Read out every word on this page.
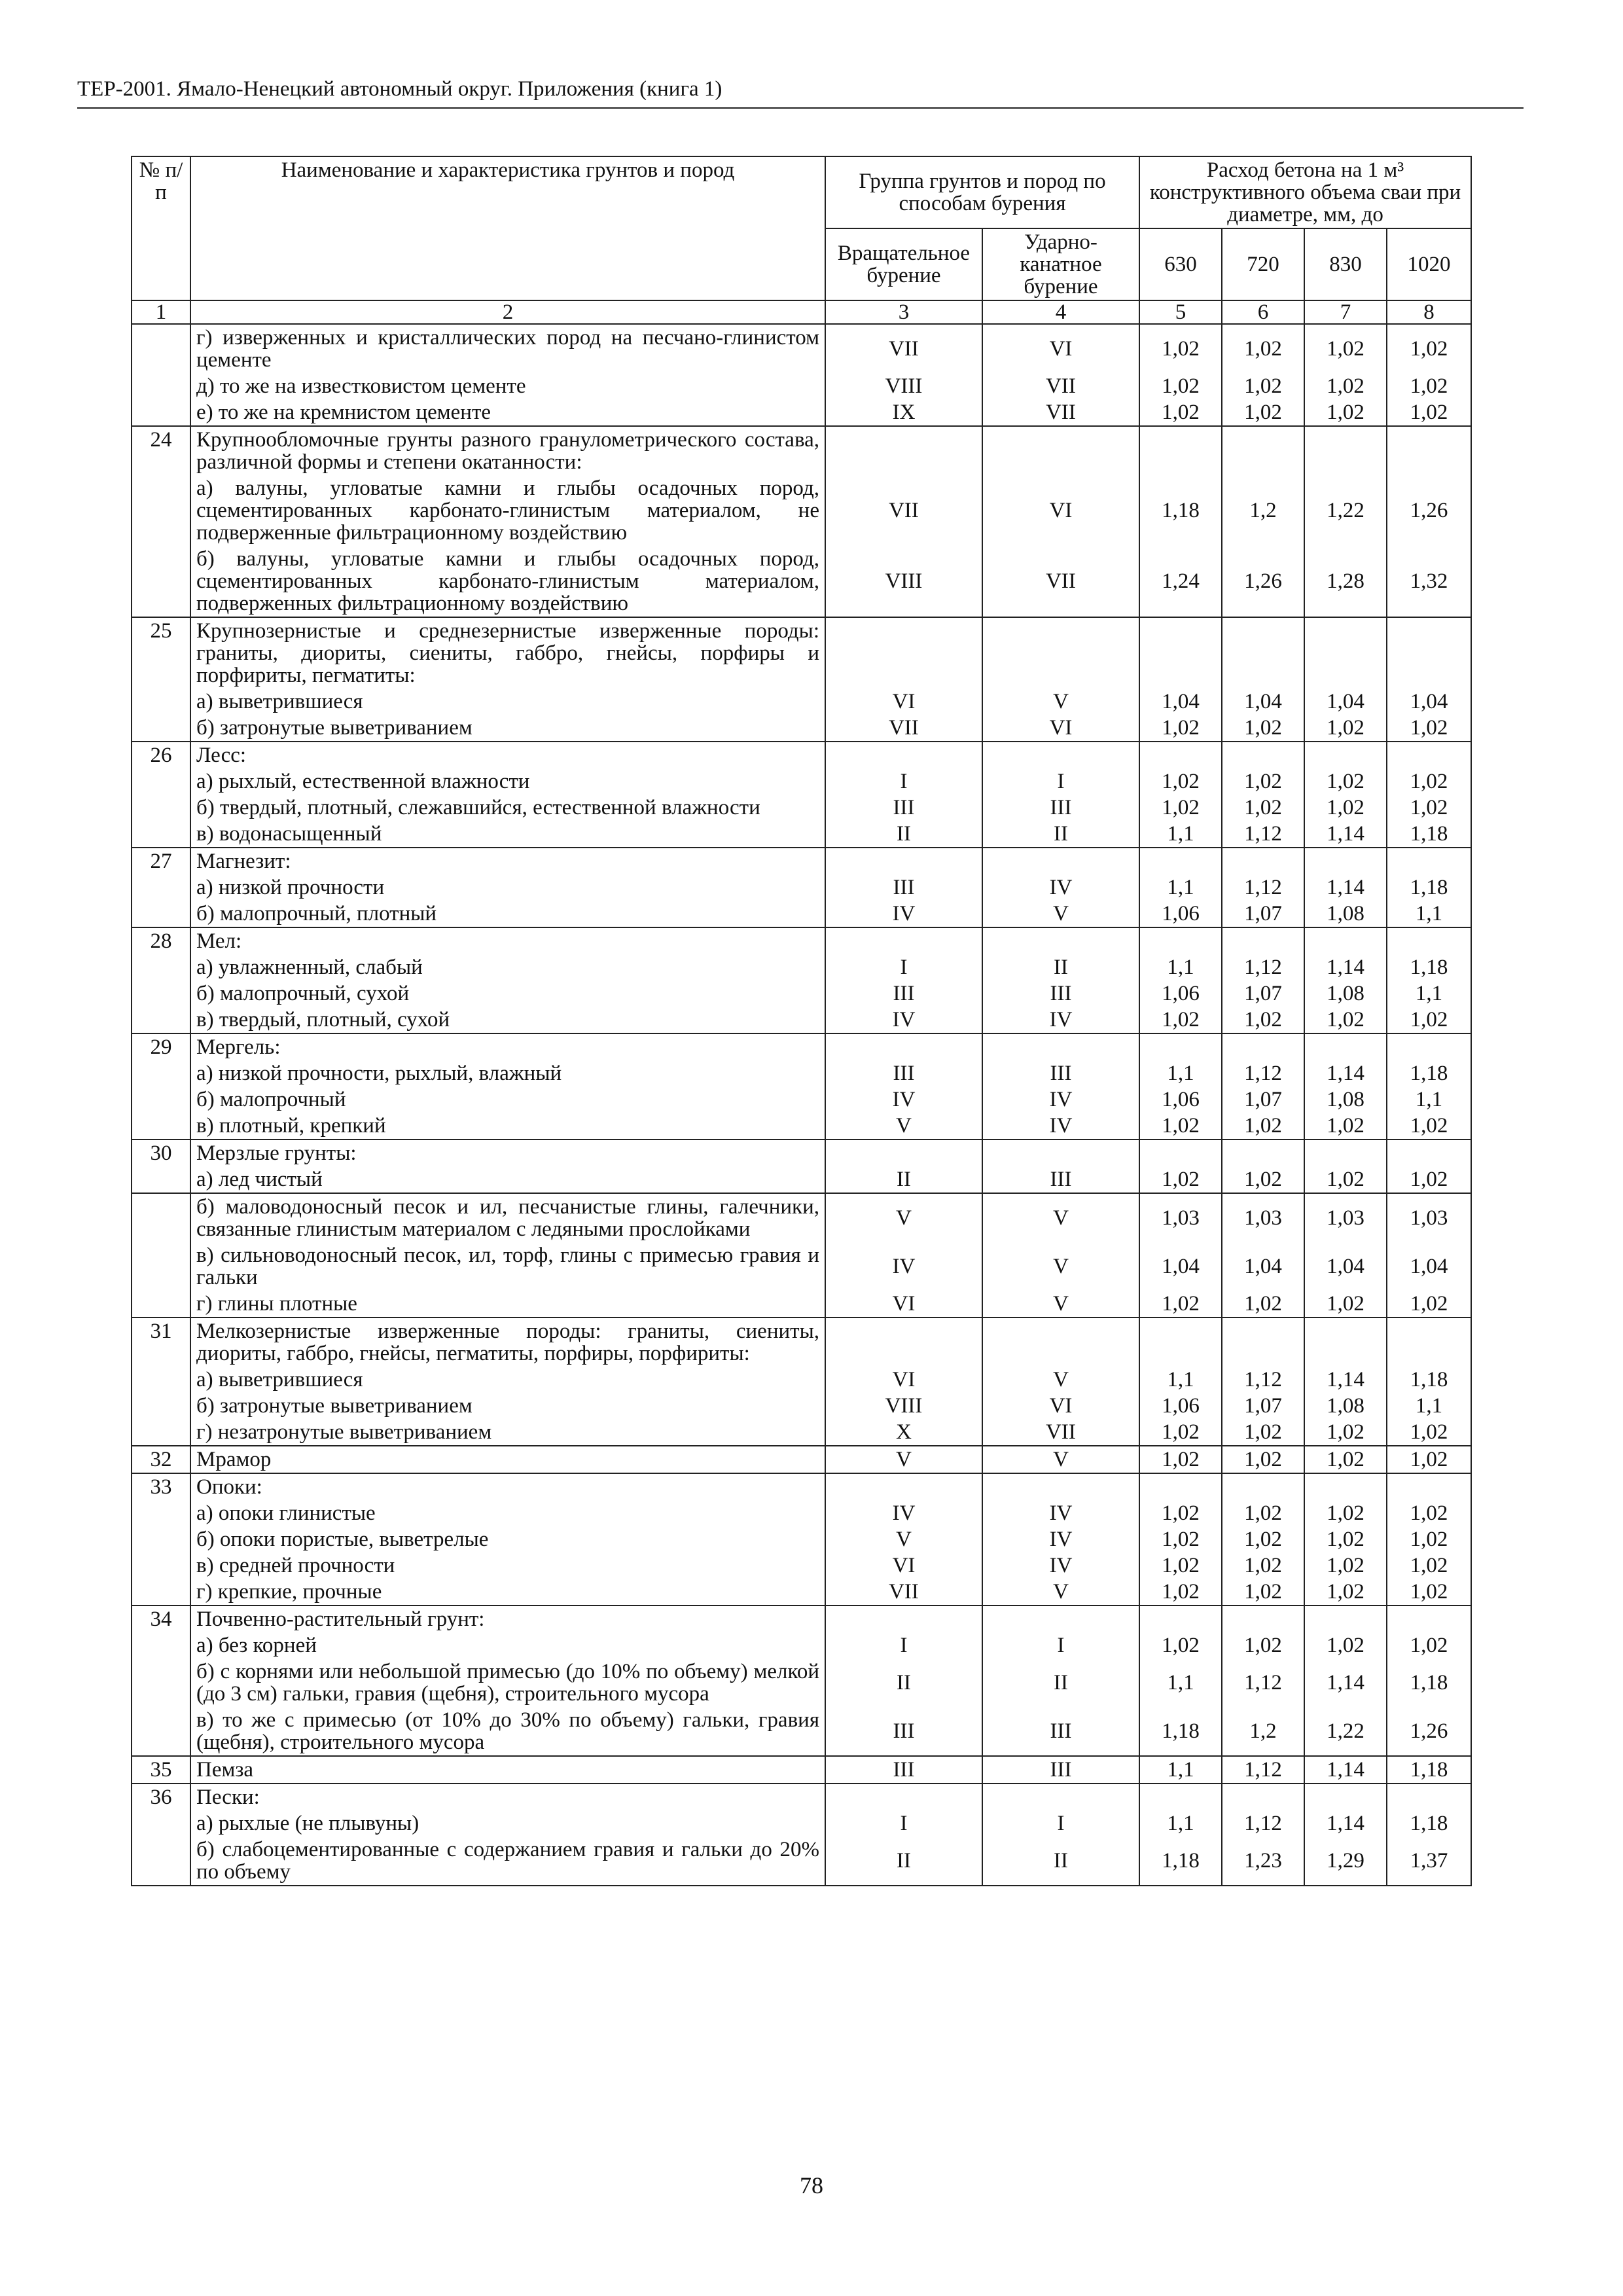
ТЕР-2001. Ямало-Ненецкий автономный округ. Приложения (книга 1)
№ п/п	Наименование и характеристика грунтов и пород	Группа грунтов и пород по способам бурения		Расход бетона на 1 м³ конструктивного объема сваи при диаметре, мм, до			
		Вращательное бурение	Ударно-канатное бурение	630	720	830	1020
1	2	3	4	5	6	7	8
	г) изверженных и кристаллических пород на песчано-глинистом цементе	VII	VI	1,02	1,02	1,02	1,02
	д) то же на известковистом цементе	VIII	VII	1,02	1,02	1,02	1,02
	е) то же на кремнистом цементе	IX	VII	1,02	1,02	1,02	1,02
24	Крупнообломочные грунты разного гранулометрического состава, различной формы и степени окатанности:						
	а) валуны, угловатые камни и глыбы осадочных пород, сцементированных карбонато-глинистым материалом, не подверженные фильтрационному воздействию	VII	VI	1,18	1,2	1,22	1,26
	б) валуны, угловатые камни и глыбы осадочных пород, сцементированных карбонато-глинистым материалом, подверженных фильтрационному воздействию	VIII	VII	1,24	1,26	1,28	1,32
25	Крупнозернистые и среднезернистые изверженные породы: граниты, диориты, сиениты, габбро, гнейсы, порфиры и порфириты, пегматиты:						
	а) выветрившиеся	VI	V	1,04	1,04	1,04	1,04
	б) затронутые выветриванием	VII	VI	1,02	1,02	1,02	1,02
26	Лесс:						
	а) рыхлый, естественной влажности	I	I	1,02	1,02	1,02	1,02
	б) твердый, плотный, слежавшийся, естественной влажности	III	III	1,02	1,02	1,02	1,02
	в) водонасыщенный	II	II	1,1	1,12	1,14	1,18
27	Магнезит:						
	а) низкой прочности	III	IV	1,1	1,12	1,14	1,18
	б) малопрочный, плотный	IV	V	1,06	1,07	1,08	1,1
28	Мел:						
	а) увлажненный, слабый	I	II	1,1	1,12	1,14	1,18
	б) малопрочный, сухой	III	III	1,06	1,07	1,08	1,1
	в) твердый, плотный, сухой	IV	IV	1,02	1,02	1,02	1,02
29	Мергель:						
	а) низкой прочности, рыхлый, влажный	III	III	1,1	1,12	1,14	1,18
	б) малопрочный	IV	IV	1,06	1,07	1,08	1,1
	в) плотный, крепкий	V	IV	1,02	1,02	1,02	1,02
30	Мерзлые грунты:						
	а) лед чистый	II	III	1,02	1,02	1,02	1,02
	б) маловодоносный песок и ил, песчанистые глины, галечники, связанные глинистым материалом с ледяными прослойками	V	V	1,03	1,03	1,03	1,03
	в) сильноводоносный песок, ил, торф, глины с примесью гравия и гальки	IV	V	1,04	1,04	1,04	1,04
	г) глины плотные	VI	V	1,02	1,02	1,02	1,02
31	Мелкозернистые изверженные породы: граниты, сиениты, диориты, габбро, гнейсы, пегматиты, порфиры, порфириты:						
	а) выветрившиеся	VI	V	1,1	1,12	1,14	1,18
	б) затронутые выветриванием	VIII	VI	1,06	1,07	1,08	1,1
	г) незатронутые выветриванием	X	VII	1,02	1,02	1,02	1,02
32	Мрамор	V	V	1,02	1,02	1,02	1,02
33	Опоки:						
	а) опоки глинистые	IV	IV	1,02	1,02	1,02	1,02
	б) опоки пористые, выветрелые	V	IV	1,02	1,02	1,02	1,02
	в) средней прочности	VI	IV	1,02	1,02	1,02	1,02
	г) крепкие, прочные	VII	V	1,02	1,02	1,02	1,02
34	Почвенно-растительный грунт:						
	а) без корней	I	I	1,02	1,02	1,02	1,02
	б) с корнями или небольшой примесью (до 10% по объему) мелкой (до 3 см) гальки, гравия (щебня), строительного мусора	II	II	1,1	1,12	1,14	1,18
	в) то же с примесью (от 10% до 30% по объему) гальки, гравия (щебня), строительного мусора	III	III	1,18	1,2	1,22	1,26
35	Пемза	III	III	1,1	1,12	1,14	1,18
36	Пески:						
	а) рыхлые (не плывуны)	I	I	1,1	1,12	1,14	1,18
	б) слабоцементированные с содержанием гравия и гальки до 20% по объему	II	II	1,18	1,23	1,29	1,37
78
